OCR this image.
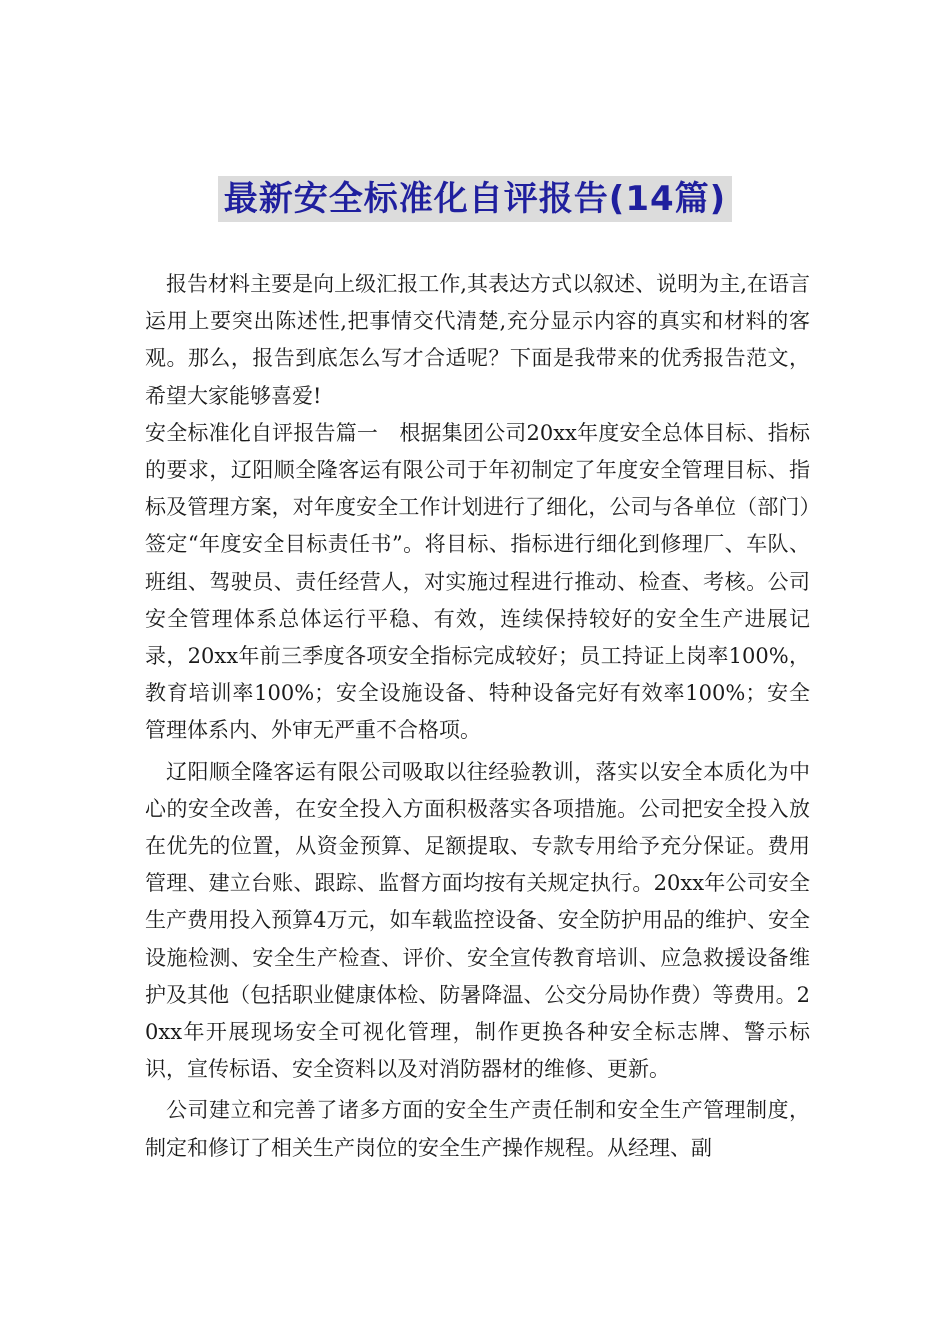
最新安全标准化自评报告(14篇)

报告材料主要是向上级汇报工作,其表达方式以叙述、说明为主,在语言运用上要突出陈述性,把事情交代清楚,充分显示内容的真实和材料的客观。那么，报告到底怎么写才合适呢？下面是我带来的优秀报告范文，希望大家能够喜爱!

安全标准化自评报告篇一　根据集团公司20xx年度安全总体目标、指标的要求，辽阳顺全隆客运有限公司于年初制定了年度安全管理目标、指标及管理方案，对年度安全工作计划进行了细化，公司与各单位（部门）签定“年度安全目标责任书”。将目标、指标进行细化到修理厂、车队、班组、驾驶员、责任经营人，对实施过程进行推动、检查、考核。公司安全管理体系总体运行平稳、有效，连续保持较好的安全生产进展记录，20xx年前三季度各项安全指标完成较好；员工持证上岗率100%，教育培训率100%；安全设施设备、特种设备完好有效率100%；安全管理体系内、外审无严重不合格项。

辽阳顺全隆客运有限公司吸取以往经验教训，落实以安全本质化为中心的安全改善，在安全投入方面积极落实各项措施。公司把安全投入放在优先的位置，从资金预算、足额提取、专款专用给予充分保证。费用管理、建立台账、跟踪、监督方面均按有关规定执行。20xx年公司安全生产费用投入预算4万元，如车载监控设备、安全防护用品的维护、安全设施检测、安全生产检查、评价、安全宣传教育培训、应急救援设备维护及其他（包括职业健康体检、防暑降温、公交分局协作费）等费用。20xx年开展现场安全可视化管理，制作更换各种安全标志牌、警示标识，宣传标语、安全资料以及对消防器材的维修、更新。

公司建立和完善了诸多方面的安全生产责任制和安全生产管理制度，制定和修订了相关生产岗位的安全生产操作规程。从经理、副
